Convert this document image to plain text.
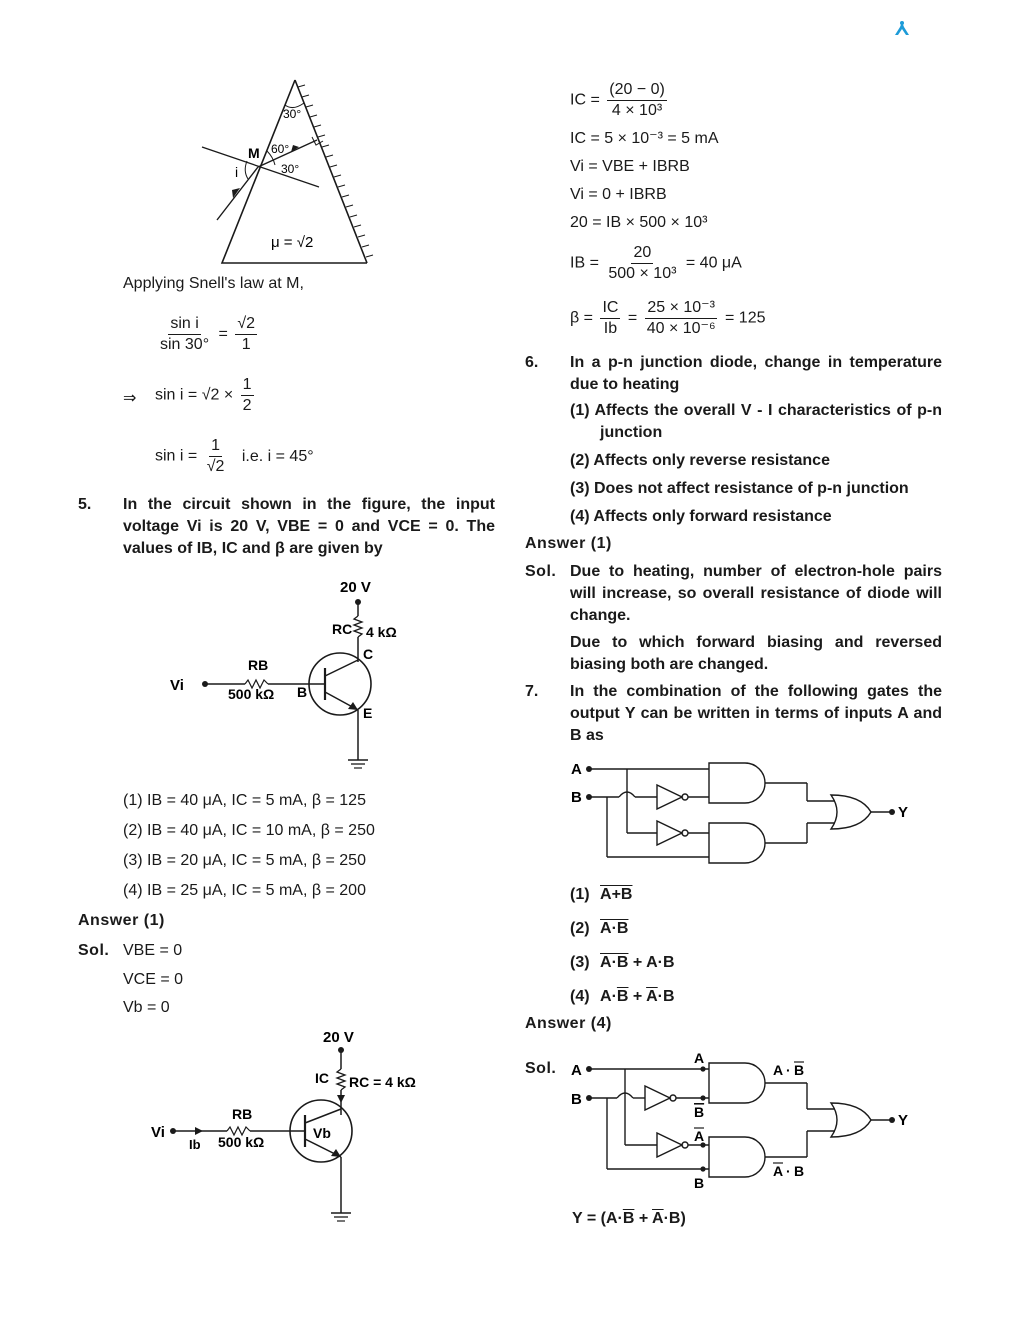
30°
60°
30°
M
i
μ = √2
Applying Snell's law at M,
$\frac{\text{sin i}}{\sin 30^\circ} = \frac{√2}{1}$
⇒ $\sin i = √2 \times \frac{1}{2}$
$\sin i = \frac{1}{√2} i.e$. i = 45°
5. In the circuit shown in the figure, the input voltage Vi is 20 V, VBE = 0 and VCE = 0. The values of IB, IC and β are given by
20 V
RC 4 kΩ
C
E
RB
500 kΩ
Vi	B
(1) IB = 40 μA, IC = 5 mA, β = 125
(2) IB = 40 μA, IC = 10 mA, β = 250
(3) IB = 20 μA, IC = 5 mA, β = 250
(4) IB = 25 μA, IC = 5 mA, β = 200
Answer (1)
Sol. VBE = 0
VCE = 0
Vb = 0
20 V
IC RC = 4 kΩ
Vb
RB
500 kΩ
Vi
Ib
IC = $\frac{(20 - 0)}{\text{4 × 10³}}$
IC = 5 × 10⁻³ = 5 mA
Vi = VBE + IBRB
Vi = 0 + IBRB
20 = IB × 500 × 10³
IB = $\frac{20}{\text{500 × 10³}} = 40$ μA
$\beta = \frac{IC}{Ib} = \frac{\text{25 × 10⁻³}}{\text{40 × 10⁻⁶}} = 125$
6. In a p-n junction diode, change in temperature due to heating
(1) Affects the overall V - I characteristics of p-n junction
(2) Affects only reverse resistance
(3) Does not affect resistance of p-n junction
(4) Affects only forward resistance
Answer (1)
Sol. Due to heating, number of electron-hole pairs will increase, so overall resistance of diode will change.
Due to which forward biasing and reversed biasing both are changed.
7. In the combination of the following gates the output Y can be written in terms of inputs A and B as
A
B
Y
(1) A+B
(2) A·B
(3) A·B + A·B
(4) $A\cdot\overline{B} + \overline{A}\cdot B$
Answer (4)
Sol. A
B
Y
A
B
A
B
A · B
A · B
$Y = (A\cdot\overline{B} + \overline{A}\cdot B)$
